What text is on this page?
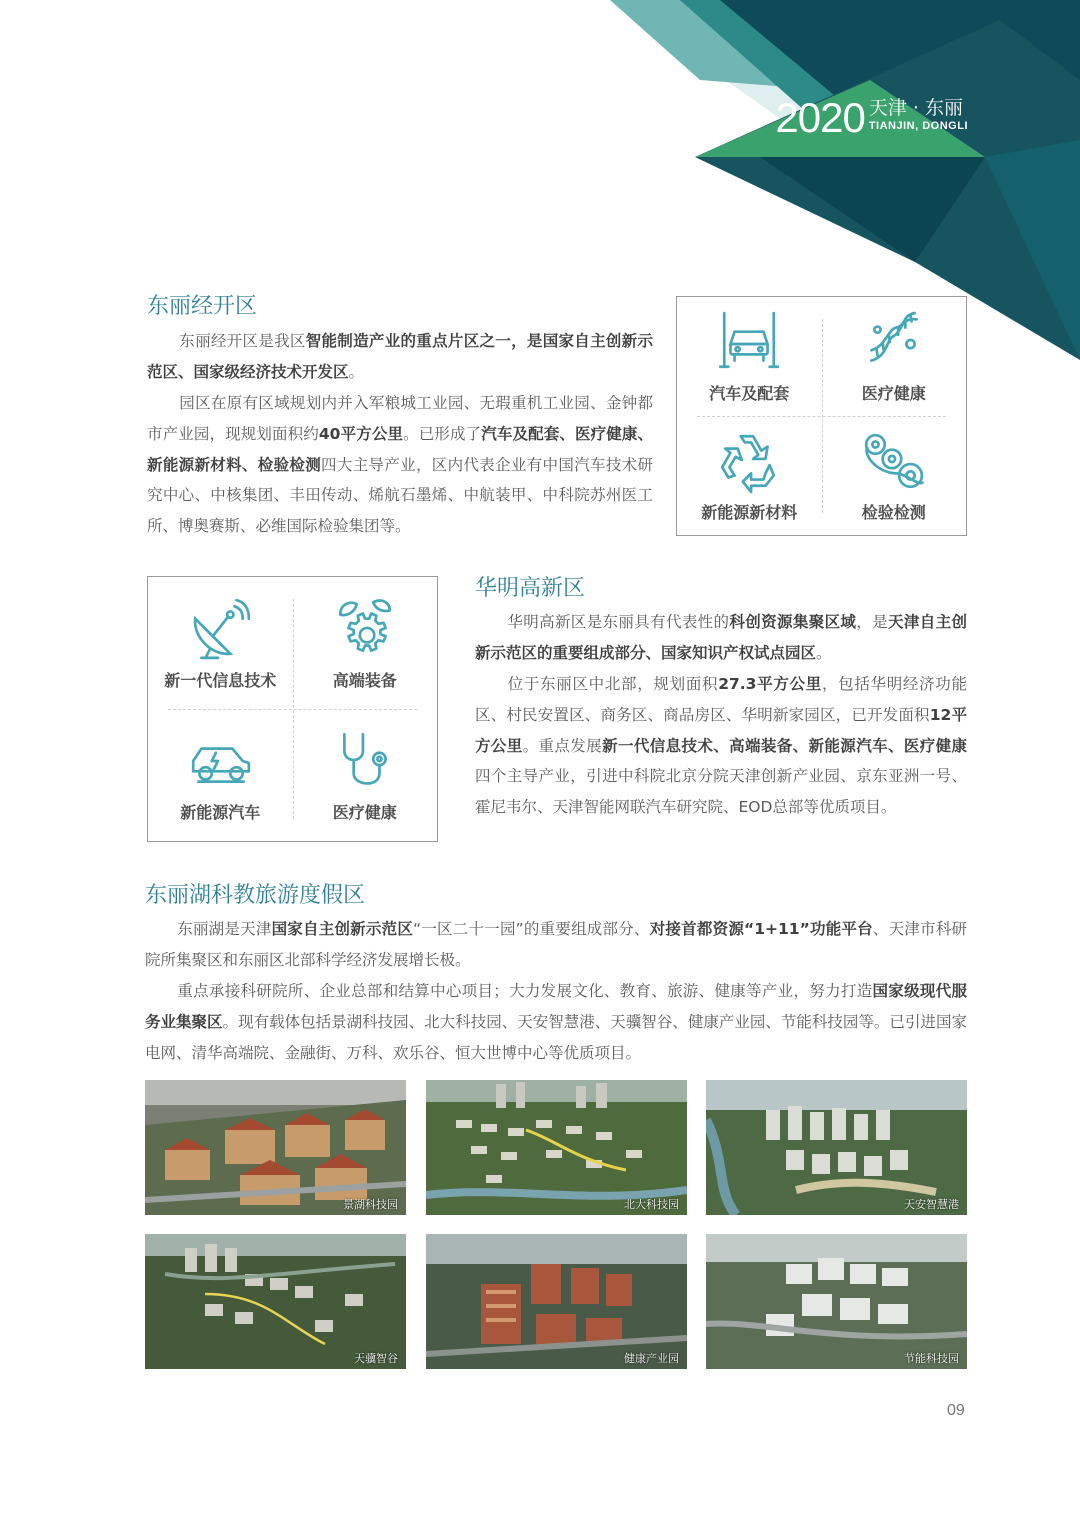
2020 天津 · 东丽
TIANJIN, DONGLI
东丽经开区

东丽经开区是我区智能制造产业的重点片区之一，是国家自主创新示范区、国家级经济技术开发区。

园区在原有区域规划内并入军粮城工业园、无瑕重机工业园、金钟都市产业园，现规划面积约40平方公里。已形成了汽车及配套、医疗健康、新能源新材料、检验检测四大主导产业，区内代表企业有中国汽车技术研究中心、中核集团、丰田传动、烯航石墨烯、中航装甲、中科院苏州医工所、博奥赛斯、必维国际检验集团等。

汽车及配套	医疗健康
新能源新材料	检验检测
新一代信息技术	高端装备
新能源汽车	医疗健康
华明高新区

华明高新区是东丽具有代表性的科创资源集聚区域，是天津自主创新示范区的重要组成部分、国家知识产权试点园区。

位于东丽区中北部，规划面积27.3平方公里，包括华明经济功能区、村民安置区、商务区、商品房区、华明新家园区，已开发面积12平方公里。重点发展新一代信息技术、高端装备、新能源汽车、医疗健康四个主导产业，引进中科院北京分院天津创新产业园、京东亚洲一号、霍尼韦尔、天津智能网联汽车研究院、EOD总部等优质项目。

东丽湖科教旅游度假区

东丽湖是天津国家自主创新示范区“一区二十一园”的重要组成部分、对接首都资源“1+11”功能平台、天津市科研院所集聚区和东丽区北部科学经济发展增长极。

重点承接科研院所、企业总部和结算中心项目；大力发展文化、教育、旅游、健康等产业，努力打造国家级现代服务业集聚区。现有载体包括景湖科技园、北大科技园、天安智慧港、天骥智谷、健康产业园、节能科技园等。已引进国家电网、清华高端院、金融街、万科、欢乐谷、恒大世博中心等优质项目。

景湖科技园	北大科技园	天安智慧港
天骥智谷	健康产业园	节能科技园
09
